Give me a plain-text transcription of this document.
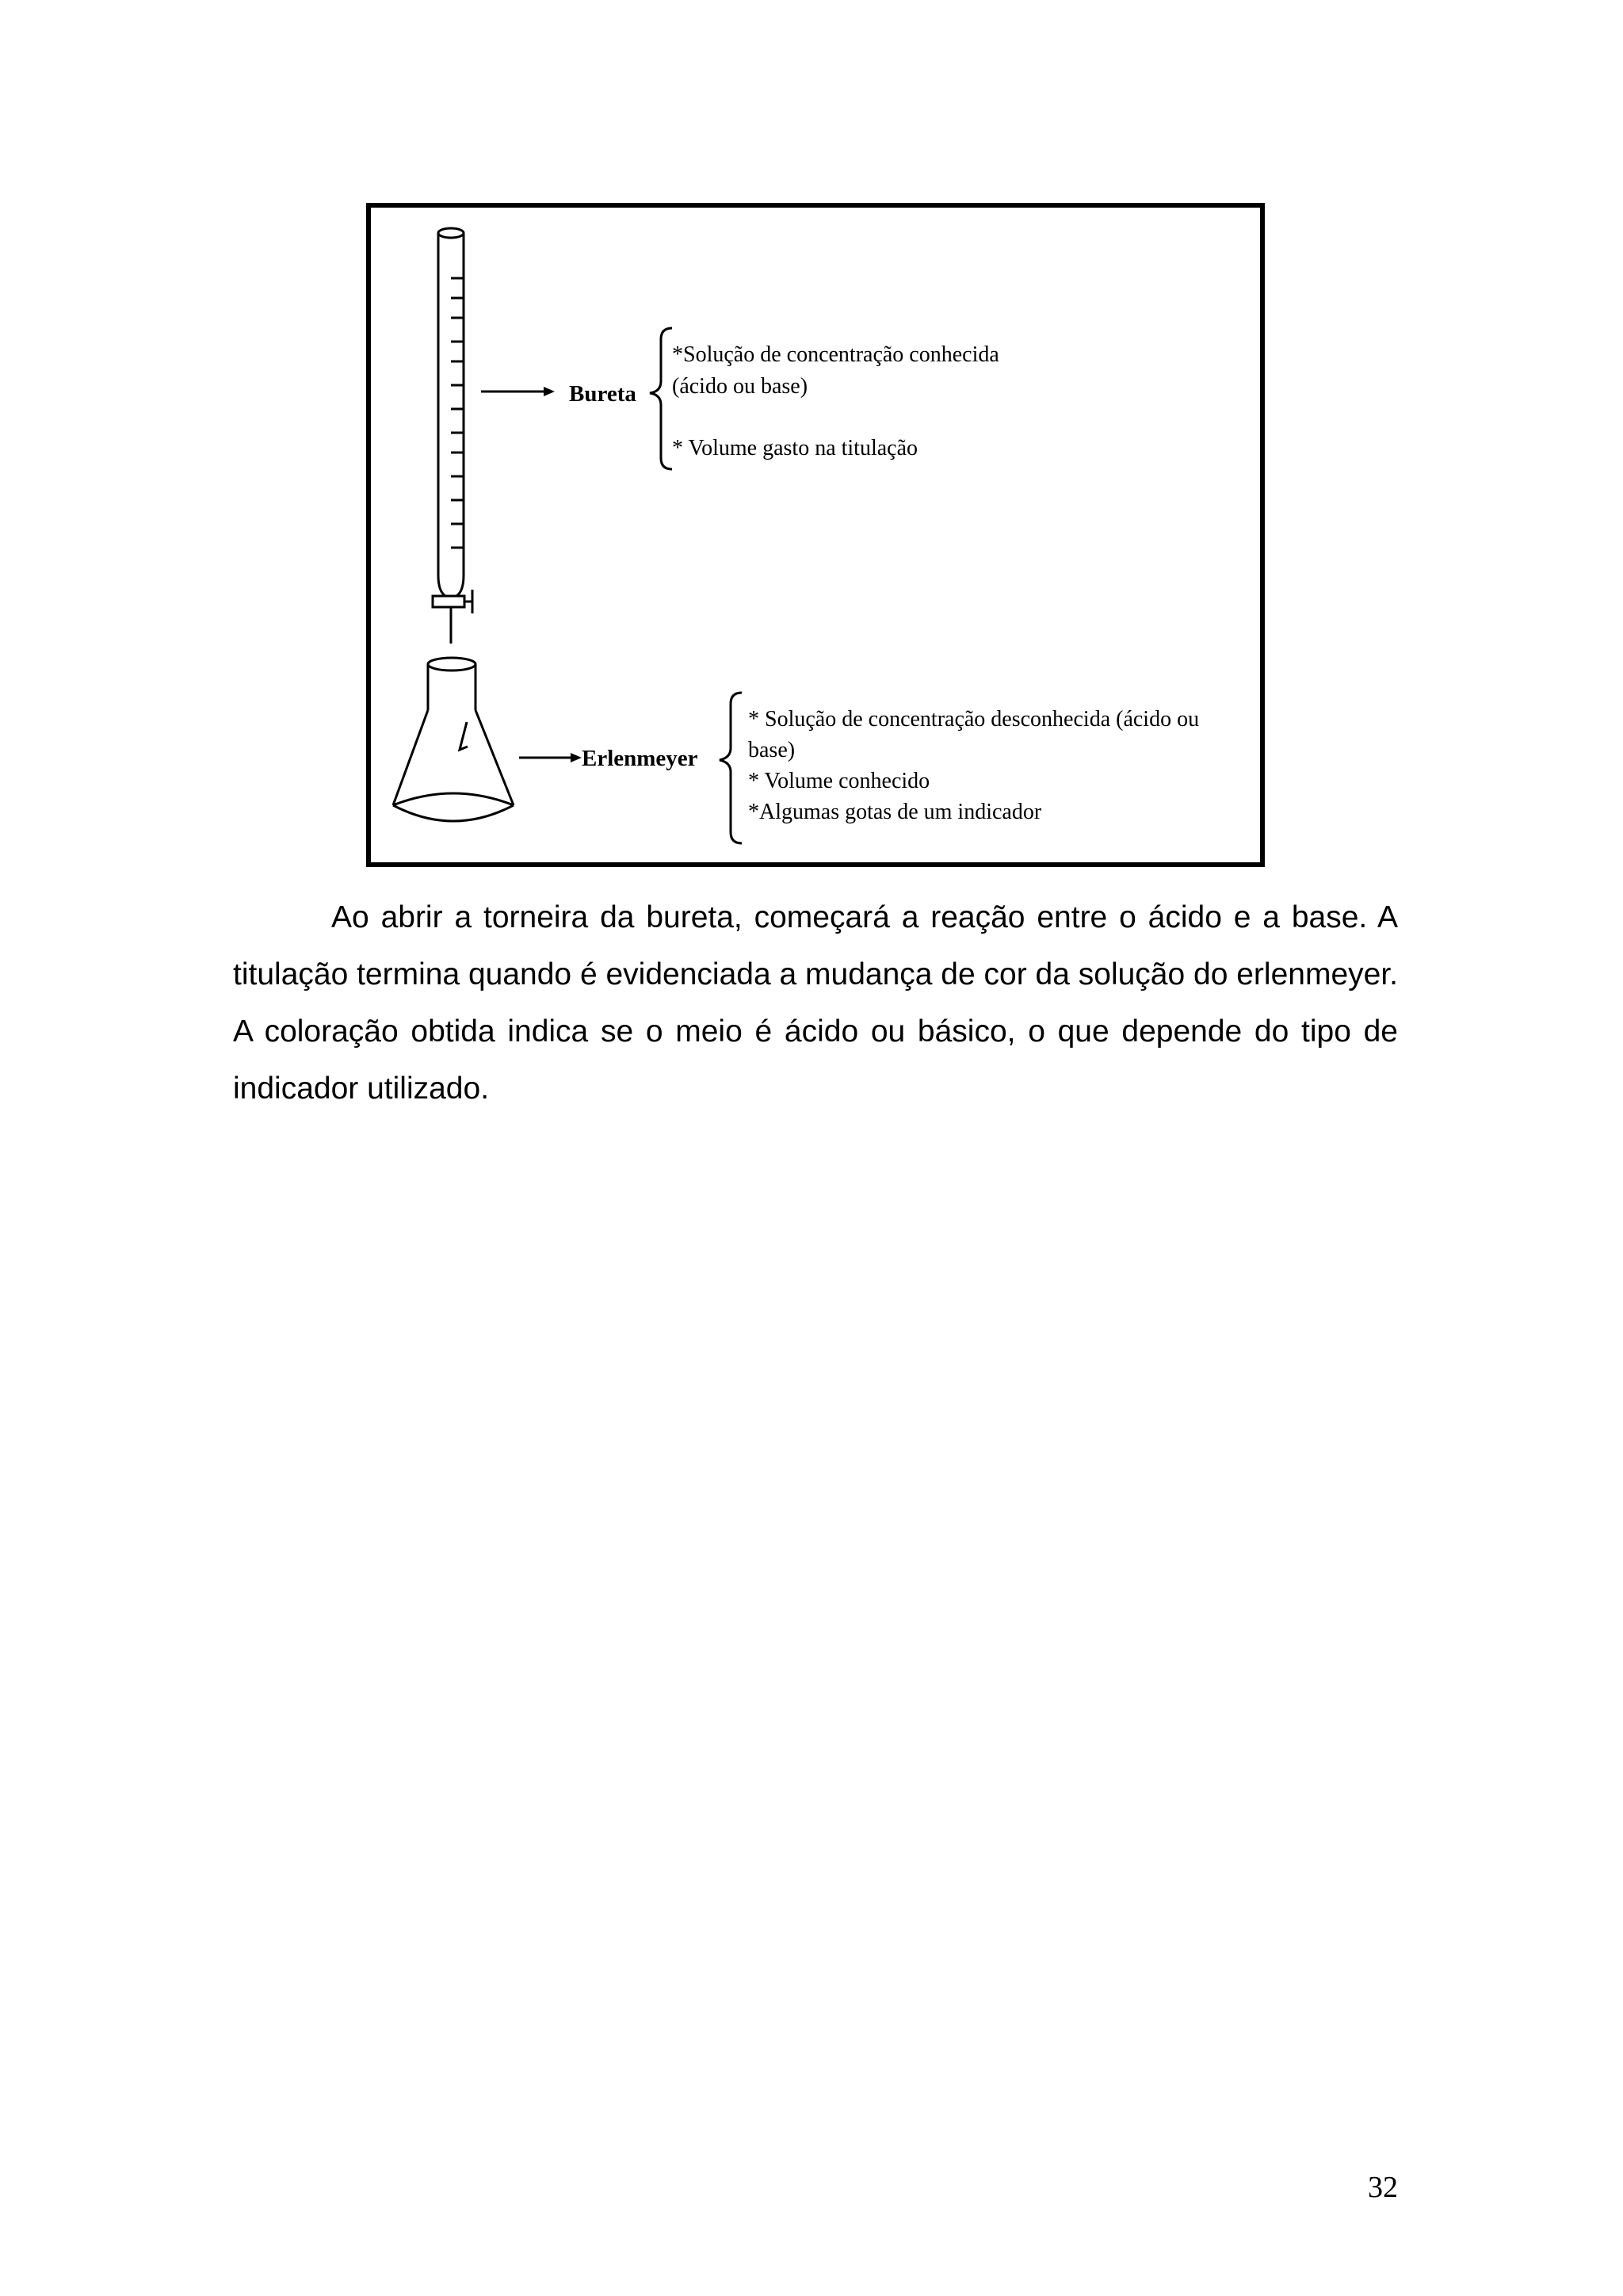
Bureta
Erlenmeyer
*Solução de concentração conhecida
(ácido ou base)
* Volume gasto na titulação
* Solução de concentração desconhecida (ácido ou
base)
* Volume conhecido
*Algumas gotas de um indicador

Ao abrir a torneira da bureta, começará a reação entre o ácido e a base. A titulação termina quando é evidenciada a mudança de cor da solução do erlenmeyer. A coloração obtida indica se o meio é ácido ou básico, o que depende do tipo de indicador utilizado.

32
